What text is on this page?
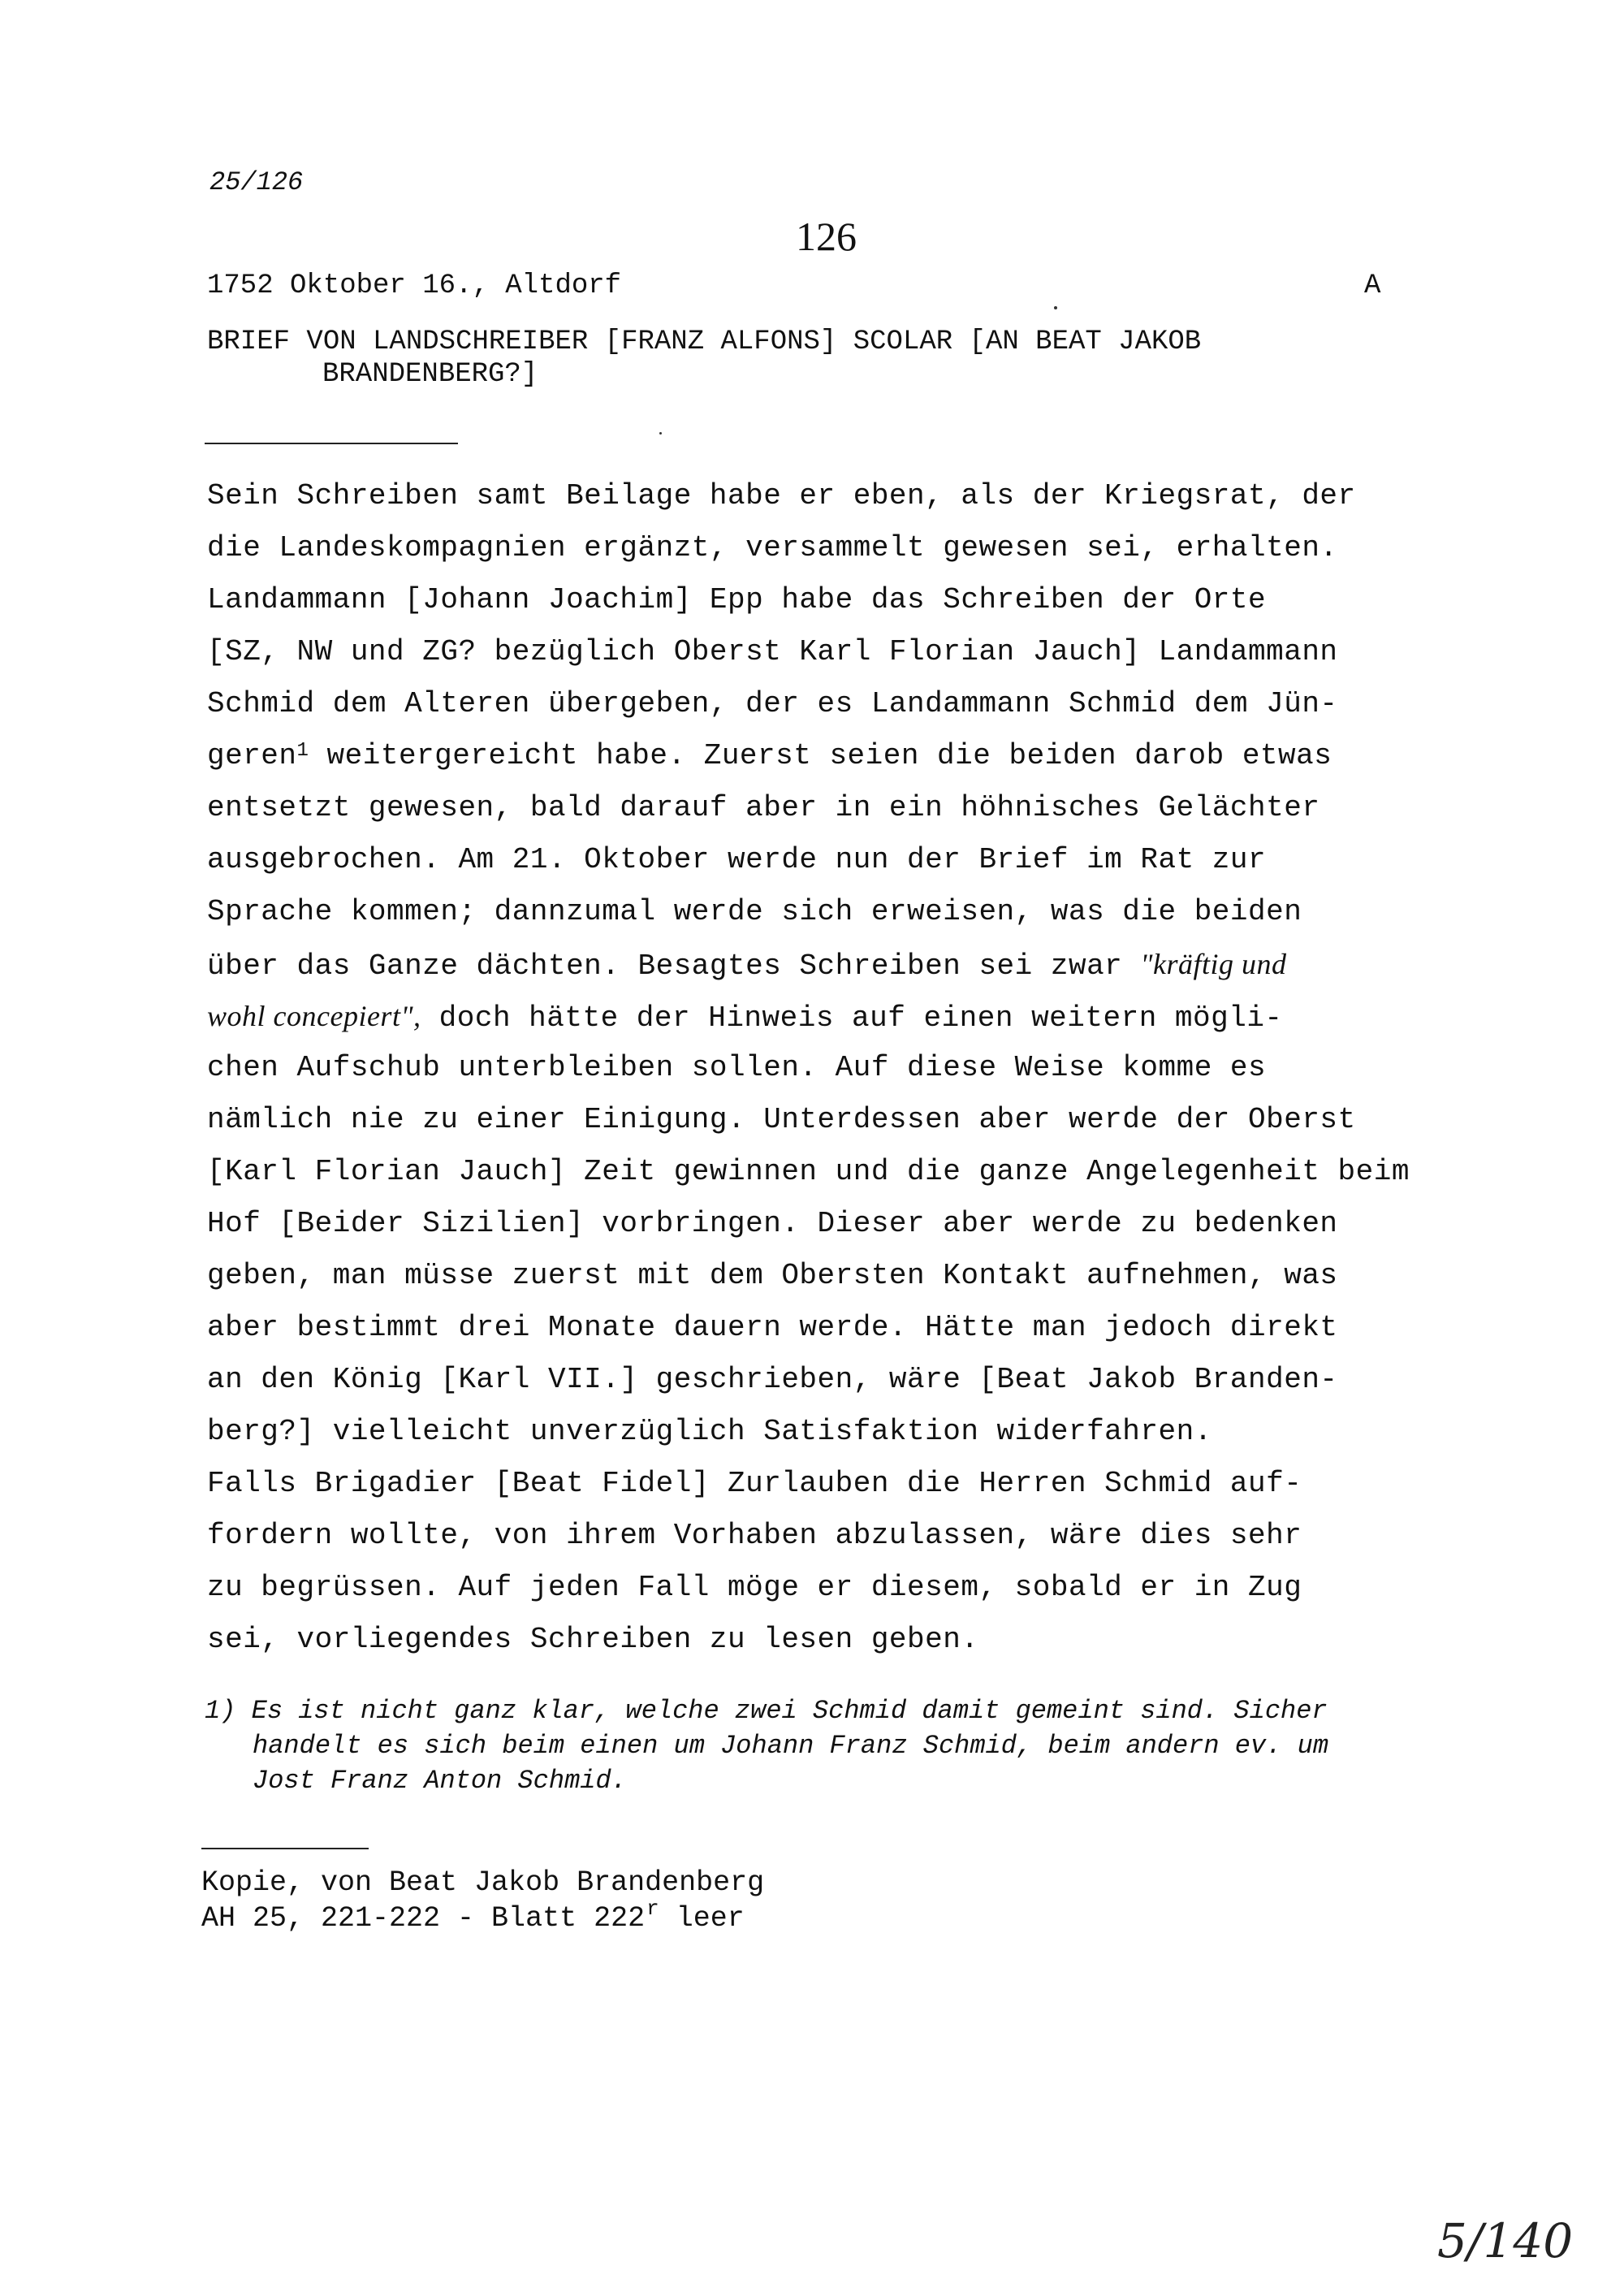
25/126
126
1752 Oktober 16., Altdorf	A
BRIEF VON LANDSCHREIBER [FRANZ ALFONS] SCOLAR [AN BEAT JAKOB
BRANDENBERG?]
Sein Schreiben samt Beilage habe er eben, als der Kriegsrat, der
die Landeskompagnien ergänzt, versammelt gewesen sei, erhalten.
Landammann [Johann Joachim] Epp habe das Schreiben der Orte
[SZ, NW und ZG? bezüglich Oberst Karl Florian Jauch] Landammann
Schmid dem Alteren übergeben, der es Landammann Schmid dem Jün-
geren$^1$ weitergereicht habe. Zuerst seien die beiden darob etwas
entsetzt gewesen, bald darauf aber in ein höhnisches Gelächter
ausgebrochen. Am 21. Oktober werde nun der Brief im Rat zur
Sprache kommen; dannzumal werde sich erweisen, was die beiden
über das Ganze dächten. Besagtes Schreiben sei zwar "kräftig und
wohl concepiert", doch hätte der Hinweis auf einen weitern mögli-
chen Aufschub unterbleiben sollen. Auf diese Weise komme es
nämlich nie zu einer Einigung. Unterdessen aber werde der Oberst
[Karl Florian Jauch] Zeit gewinnen und die ganze Angelegenheit beim
Hof [Beider Sizilien] vorbringen. Dieser aber werde zu bedenken
geben, man müsse zuerst mit dem Obersten Kontakt aufnehmen, was
aber bestimmt drei Monate dauern werde. Hätte man jedoch direkt
an den König [Karl VII.] geschrieben, wäre [Beat Jakob Branden-
berg?] vielleicht unverzüglich Satisfaktion widerfahren.
Falls Brigadier [Beat Fidel] Zurlauben die Herren Schmid auf-
fordern wollte, von ihrem Vorhaben abzulassen, wäre dies sehr
zu begrüssen. Auf jeden Fall möge er diesem, sobald er in Zug
sei, vorliegendes Schreiben zu lesen geben.
1) Es ist nicht ganz klar, welche zwei Schmid damit gemeint sind. Sicher
handelt es sich beim einen um Johann Franz Schmid, beim andern ev. um
Jost Franz Anton Schmid.
Kopie, von Beat Jakob Brandenberg
AH 25, 221-222 - Blatt 222$^r$ leer
5/140
